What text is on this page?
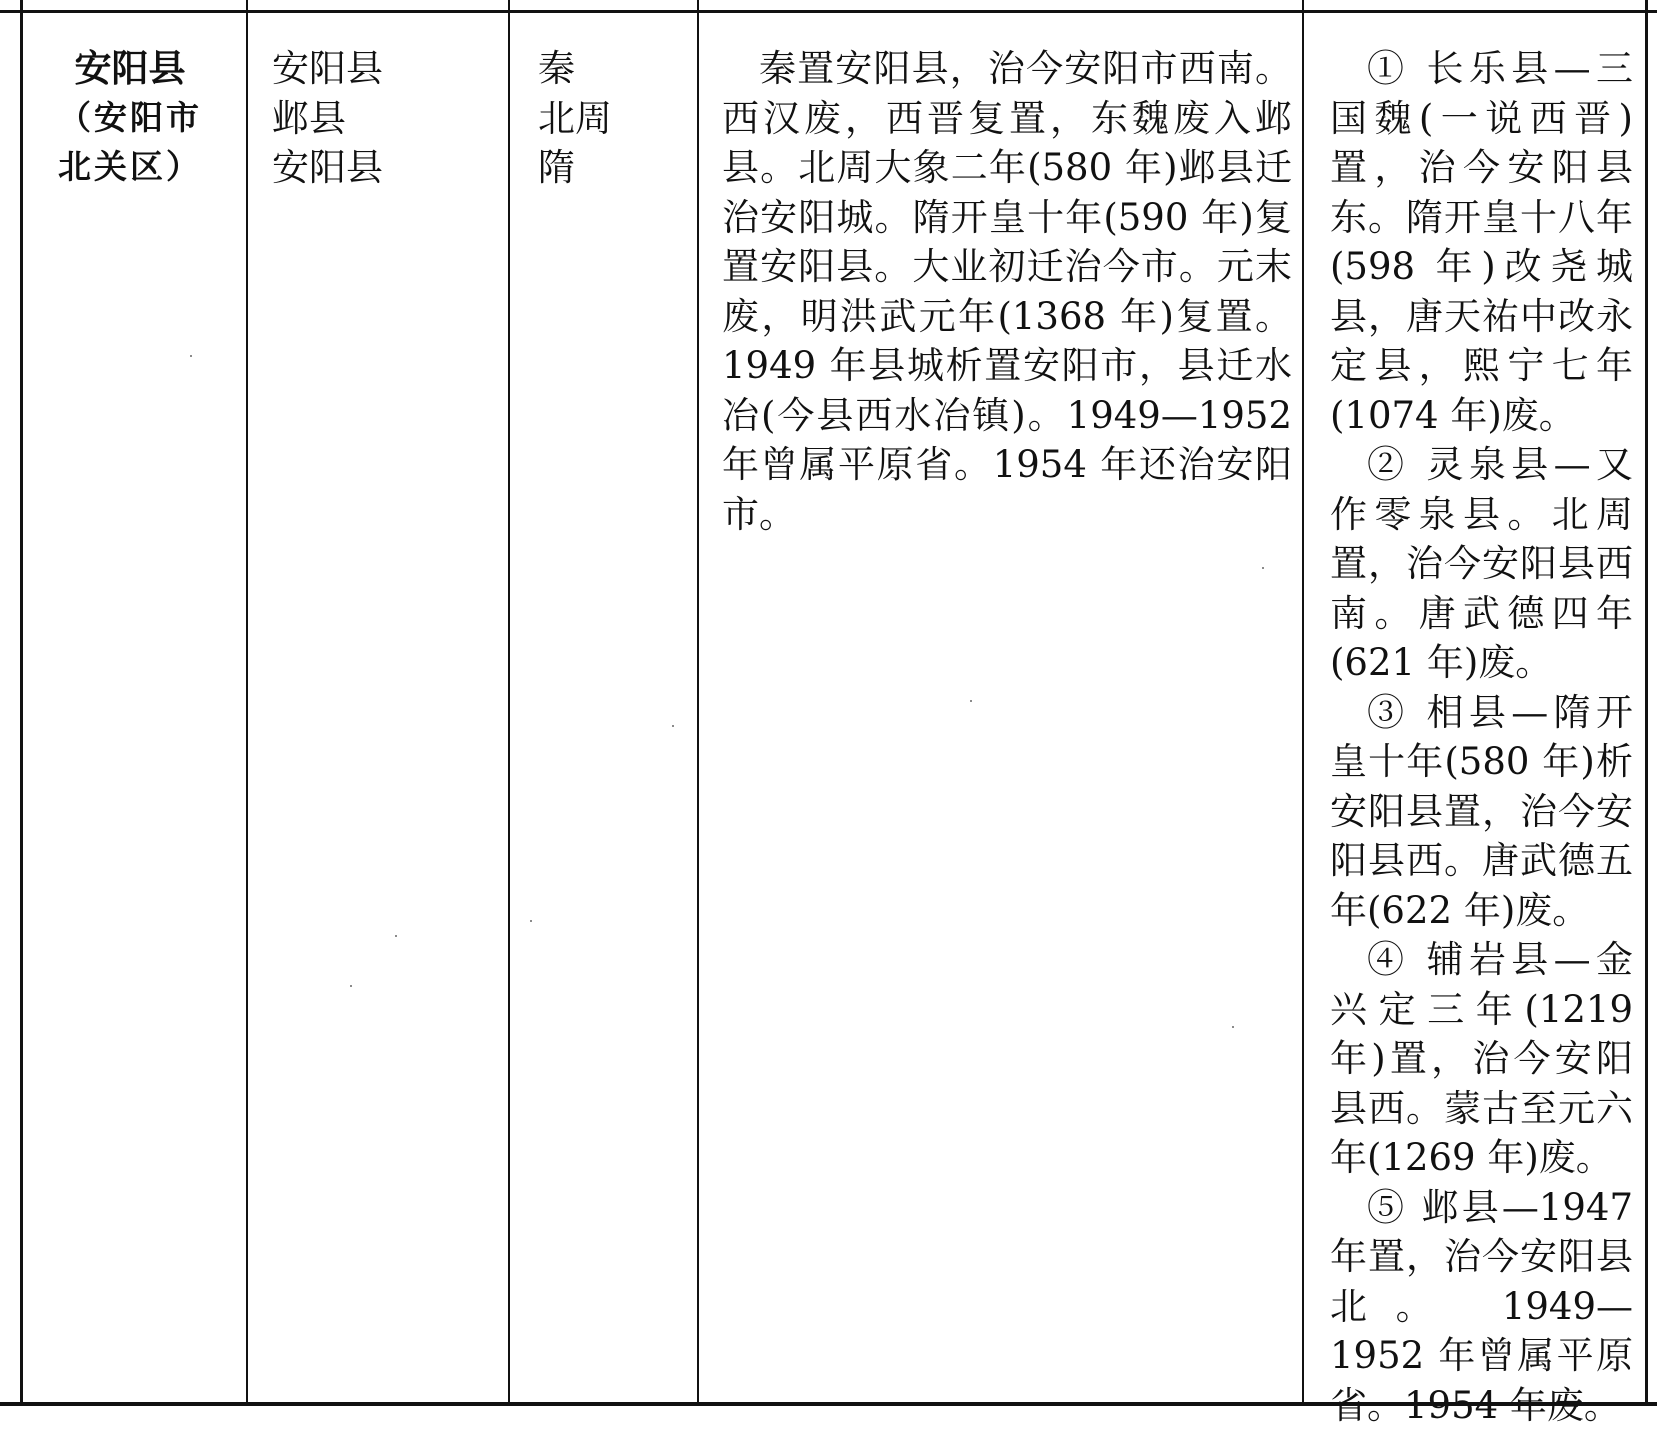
安阳县
（安阳市
北关区）
安阳县
邺县
安阳县
秦
北周
隋

秦置安阳县，治今安阳市西南。西汉废，西晋复置，东魏废入邺县。北周大象二年(580 年)邺县迁治安阳城。隋开皇十年(590 年)复置安阳县。大业初迁治今市。元末废，明洪武元年(1368 年)复置。1949 年县城析置安阳市，县迁水冶(今县西水冶镇)。1949—1952 年曾属平原省。1954 年还治安阳市。

① 长乐县—三国魏(一说西晋)置，治今安阳县东。隋开皇十八年(598 年)改尧城县，唐天祐中改永定县，熙宁七年(1074 年)废。

② 灵泉县—又作零泉县。北周置，治今安阳县西南。唐武德四年(621 年)废。

③ 相县—隋开皇十年(580 年)析安阳县置，治今安阳县西。唐武德五年(622 年)废。

④ 辅岩县—金兴定三年(1219 年)置，治今安阳县西。蒙古至元六年(1269 年)废。

⑤ 邺县—1947 年置，治今安阳县北。 1949—1952 年曾属平原省。1954 年废。
